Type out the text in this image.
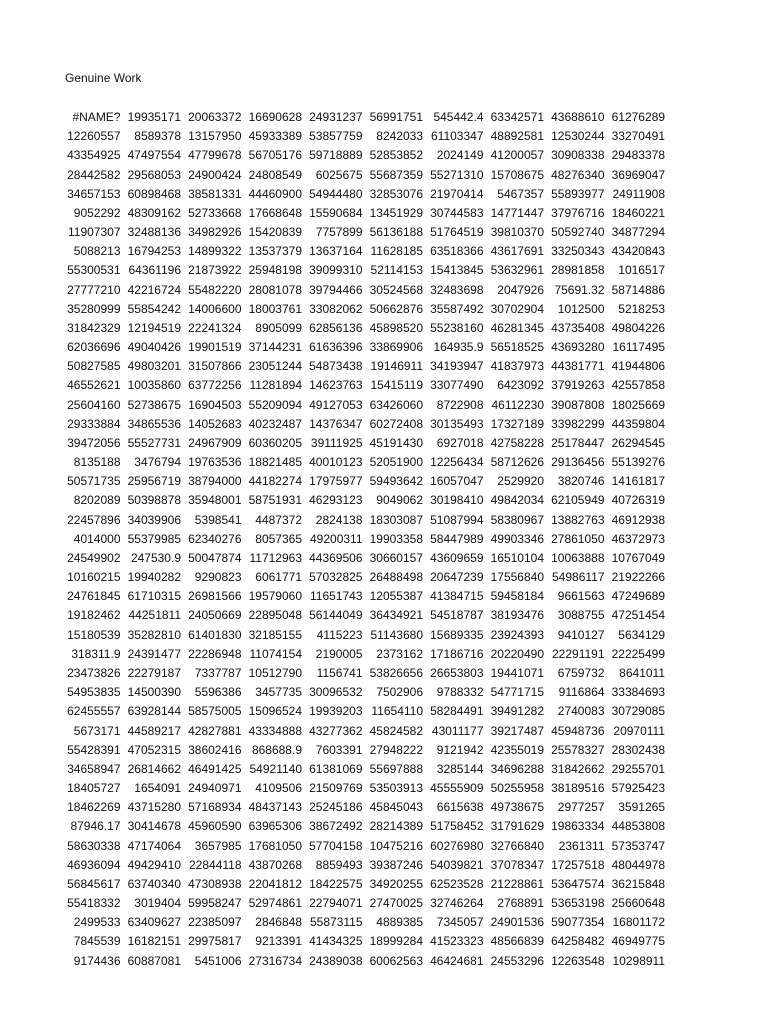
Genuine Work
#NAME?	19935171	20063372	16690628	24931237	56991751	545442.4	63342571	43688610	61276289
12260557	8589378	13157950	45933389	53857759	8242033	61103347	48892581	12530244	33270491
43354925	47497554	47799678	56705176	59718889	52853852	2024149	41200057	30908338	29483378
28442582	29568053	24900424	24808549	6025675	55687359	55271310	15708675	48276340	36969047
34657153	60898468	38581331	44460900	54944480	32853076	21970414	5467357	55893977	24911908
9052292	48309162	52733668	17668648	15590684	13451929	30744583	14771447	37976716	18460221
11907307	32488136	34982926	15420839	7757899	56136188	51764519	39810370	50592740	34877294
5088213	16794253	14899322	13537379	13637164	11628185	63518366	43617691	33250343	43420843
55300531	64361196	21873922	25948198	39099310	52114153	15413845	53632961	28981858	1016517
27777210	42216724	55482220	28081078	39794466	30524568	32483698	2047926	75691.32	58714886
35280999	55854242	14006600	18003761	33082062	50662876	35587492	30702904	1012500	5218253
31842329	12194519	22241324	8905099	62856136	45898520	55238160	46281345	43735408	49804226
62036696	49040426	19901519	37144231	61636396	33869906	164935.9	56518525	43693280	16117495
50827585	49803201	31507866	23051244	54873438	19146911	34193947	41837973	44381771	41944806
46552621	10035860	63772256	11281894	14623763	15415119	33077490	6423092	37919263	42557858
25604160	52738675	16904503	55209094	49127053	63426060	8722908	46112230	39087808	18025669
29333884	34865536	14052683	40232487	14376347	60272408	30135493	17327189	33982299	44359804
39472056	55527731	24967909	60360205	39111925	45191430	6927018	42758228	25178447	26294545
8135188	3476794	19763536	18821485	40010123	52051900	12256434	58712626	29136456	55139276
50571735	25956719	38794000	44182274	17975977	59493642	16057047	2529920	3820746	14161817
8202089	50398878	35948001	58751931	46293123	9049062	30198410	49842034	62105949	40726319
22457896	34039906	5398541	4487372	2824138	18303087	51087994	58380967	13882763	46912938
4014000	55379985	62340276	8057365	49200311	19903358	58447989	49903346	27861050	46372973
24549902	247530.9	50047874	11712963	44369506	30660157	43609659	16510104	10063888	10767049
10160215	19940282	9290823	6061771	57032825	26488498	20647239	17556840	54986117	21922266
24761845	61710315	26981566	19579060	11651743	12055387	41384715	59458184	9661563	47249689
19182462	44251811	24050669	22895048	56144049	36434921	54518787	38193476	3088755	47251454
15180539	35282810	61401830	32185155	4115223	51143680	15689335	23924393	9410127	5634129
318311.9	24391477	22286948	11074154	2190005	2373162	17186716	20220490	22291191	22225499
23473826	22279187	7337787	10512790	1156741	53826656	26653803	19441071	6759732	8641011
54953835	14500390	5596386	3457735	30096532	7502906	9788332	54771715	9116864	33384693
62455557	63928144	58575005	15096524	19939203	11654110	58284491	39491282	2740083	30729085
5673171	44589217	42827881	43334888	43277362	45824582	43011177	39217487	45948736	20970111
55428391	47052315	38602416	868688.9	7603391	27948222	9121942	42355019	25578327	28302438
34658947	26814662	46491425	54921140	61381069	55697888	3285144	34696288	31842662	29255701
18405727	1654091	24940971	4109506	21509769	53503913	45555909	50255958	38189516	57925423
18462269	43715280	57168934	48437143	25245186	45845043	6615638	49738675	2977257	3591265
87946.17	30414678	45960590	63965306	38672492	28214389	51758452	31791629	19863334	44853808
58630338	47174064	3657985	17681050	57704158	10475216	60276980	32766840	2361311	57353747
46936094	49429410	22844118	43870268	8859493	39387246	54039821	37078347	17257518	48044978
56845617	63740340	47308938	22041812	18422575	34920255	62523528	21228861	53647574	36215848
55418332	3019404	59958247	52974861	22794071	27470025	32746264	2768891	53653198	25660648
2499533	63409627	22385097	2846848	55873115	4889385	7345057	24901536	59077354	16801172
7845539	16182151	29975817	9213391	41434325	18999284	41523323	48566839	64258482	46949775
9174436	60887081	5451006	27316734	24389038	60062563	46424681	24553296	12263548	10298911
